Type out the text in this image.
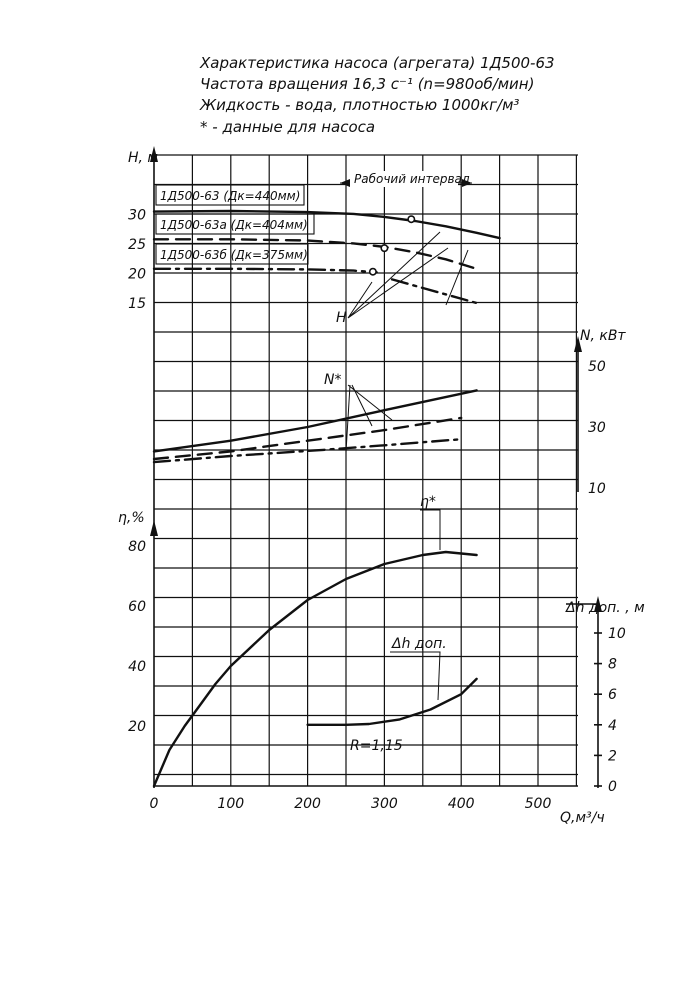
Характеристика насоса (агрегата) 1Д500-63
Частота вращения 16,3 с⁻¹ (n=980об/мин)
Жидкость - вода, плотностью 1000кг/м³
* - данные для насоса
0	100	200	300	400	500
15
20
25
30
10
30
50
20
40
60
80
0
2
4
6
8
10
H, м
N, кВт
η,%
Δh доп. , м
Q,м³/ч
Рабочий интервал
1Д500-63 (Дк=440мм)
1Д500-63а (Дк=404мм)
1Д500-63б (Дк=375мм)
H
N*
η*
Δh доп.
R=1,15
